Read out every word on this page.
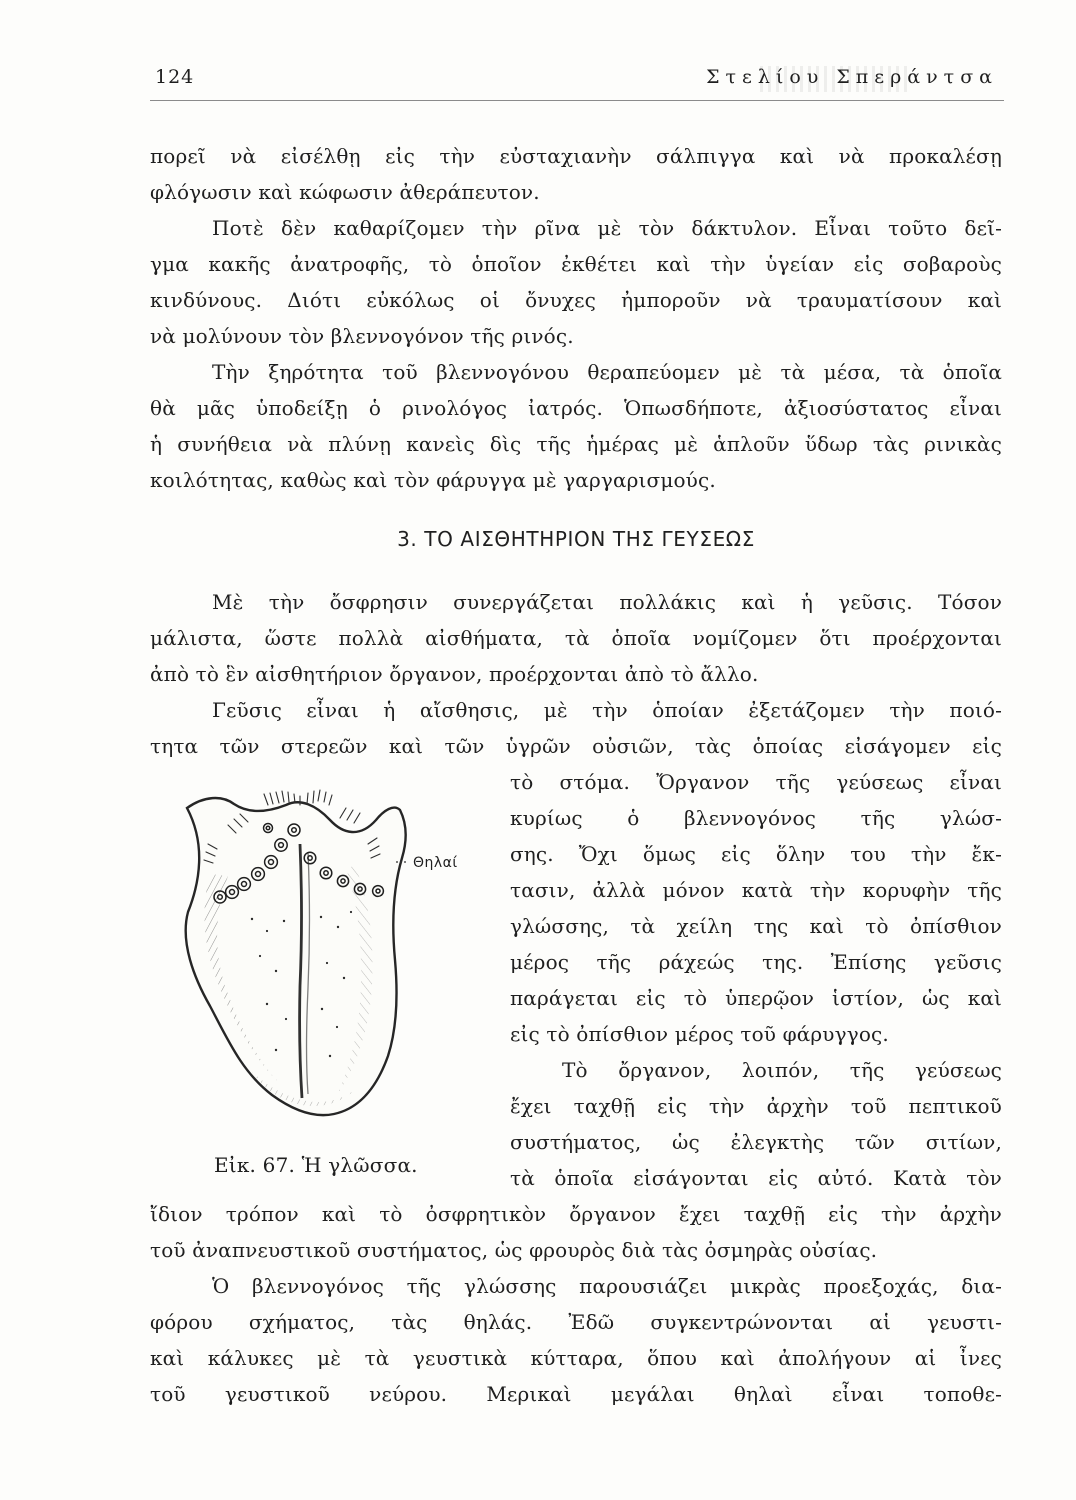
124	Στελίου Σπεράντσα
πορεῖ νὰ εἰσέλθῃ εἰς τὴν εὐσταχιανὴν σάλπιγγα καὶ νὰ προκαλέσῃ
φλόγωσιν καὶ κώφωσιν ἀθεράπευτον.
Ποτὲ δὲν καθαρίζομεν τὴν ρῖνα μὲ τὸν δάκτυλον. Εἶναι τοῦτο δεῖ-
γμα κακῆς ἀνατροφῆς, τὸ ὁποῖον ἐκθέτει καὶ τὴν ὑγείαν εἰς σοβαροὺς
κινδύνους. Διότι εὐκόλως οἱ ὄνυχες ἠμποροῦν νὰ τραυματίσουν καὶ
νὰ μολύνουν τὸν βλεννογόνον τῆς ρινός.
Τὴν ξηρότητα τοῦ βλεννογόνου θεραπεύομεν μὲ τὰ μέσα, τὰ ὁποῖα
θὰ μᾶς ὑποδείξῃ ὁ ρινολόγος ἰατρός. Ὁπωσδήποτε, ἀξιοσύστατος εἶναι
ἡ συνήθεια νὰ πλύνῃ κανεὶς δὶς τῆς ἡμέρας μὲ ἁπλοῦν ὕδωρ τὰς ρινικὰς
κοιλότητας, καθὼς καὶ τὸν φάρυγγα μὲ γαργαρισμούς.
3. ΤΟ ΑΙΣΘΗΤΗΡΙΟΝ ΤΗΣ ΓΕΥΣΕΩΣ
Μὲ τὴν ὄσφρησιν συνεργάζεται πολλάκις καὶ ἡ γεῦσις. Τόσον
μάλιστα, ὥστε πολλὰ αἰσθήματα, τὰ ὁποῖα νομίζομεν ὅτι προέρχονται
ἀπὸ τὸ ἓν αἰσθητήριον ὄργανον, προέρχονται ἀπὸ τὸ ἄλλο.
Γεῦσις εἶναι ἡ αἴσθησις, μὲ τὴν ὁποίαν ἐξετάζομεν τὴν ποιό-
τητα τῶν στερεῶν καὶ τῶν ὑγρῶν οὐσιῶν, τὰς ὁποίας εἰσάγομεν εἰς
τὸ στόμα. Ὄργανον τῆς γεύσεως εἶναι
κυρίως ὁ βλεννογόνος τῆς γλώσ-
σης. Ὄχι ὅμως εἰς ὅλην του τὴν ἔκ-
τασιν, ἀλλὰ μόνον κατὰ τὴν κορυφὴν τῆς
γλώσσης, τὰ χείλη της καὶ τὸ ὀπίσθιον
μέρος τῆς ράχεώς της. Ἐπίσης γεῦσις
παράγεται εἰς τὸ ὑπερῷον ἱστίον, ὡς καὶ
εἰς τὸ ὀπίσθιον μέρος τοῦ φάρυγγος.
Τὸ ὄργανον, λοιπόν, τῆς γεύσεως
ἔχει ταχθῇ εἰς τὴν ἀρχὴν τοῦ πεπτικοῦ
συστήματος, ὡς ἐλεγκτὴς τῶν σιτίων,
τὰ ὁποῖα εἰσάγονται εἰς αὐτό. Κατὰ τὸν
ἴδιον τρόπον καὶ τὸ ὀσφρητικὸν ὄργανον ἔχει ταχθῇ εἰς τὴν ἀρχὴν
τοῦ ἀναπνευστικοῦ συστήματος, ὡς φρουρὸς διὰ τὰς ὀσμηρὰς οὐσίας.
Ὁ βλεννογόνος τῆς γλώσσης παρουσιάζει μικρὰς προεξοχάς, δια-
φόρου σχήματος, τὰς θηλάς. Ἐδῶ συγκεντρώνονται αἱ γευστι-
καὶ κάλυκες μὲ τὰ γευστικὰ κύτταρα, ὅπου καὶ ἀπολήγουν αἱ ἶνες
τοῦ γευστικοῦ νεύρου. Μερικαὶ μεγάλαι θηλαὶ εἶναι τοποθε-
Θηλαί
Εἰκ. 67. Ἡ γλῶσσα.
